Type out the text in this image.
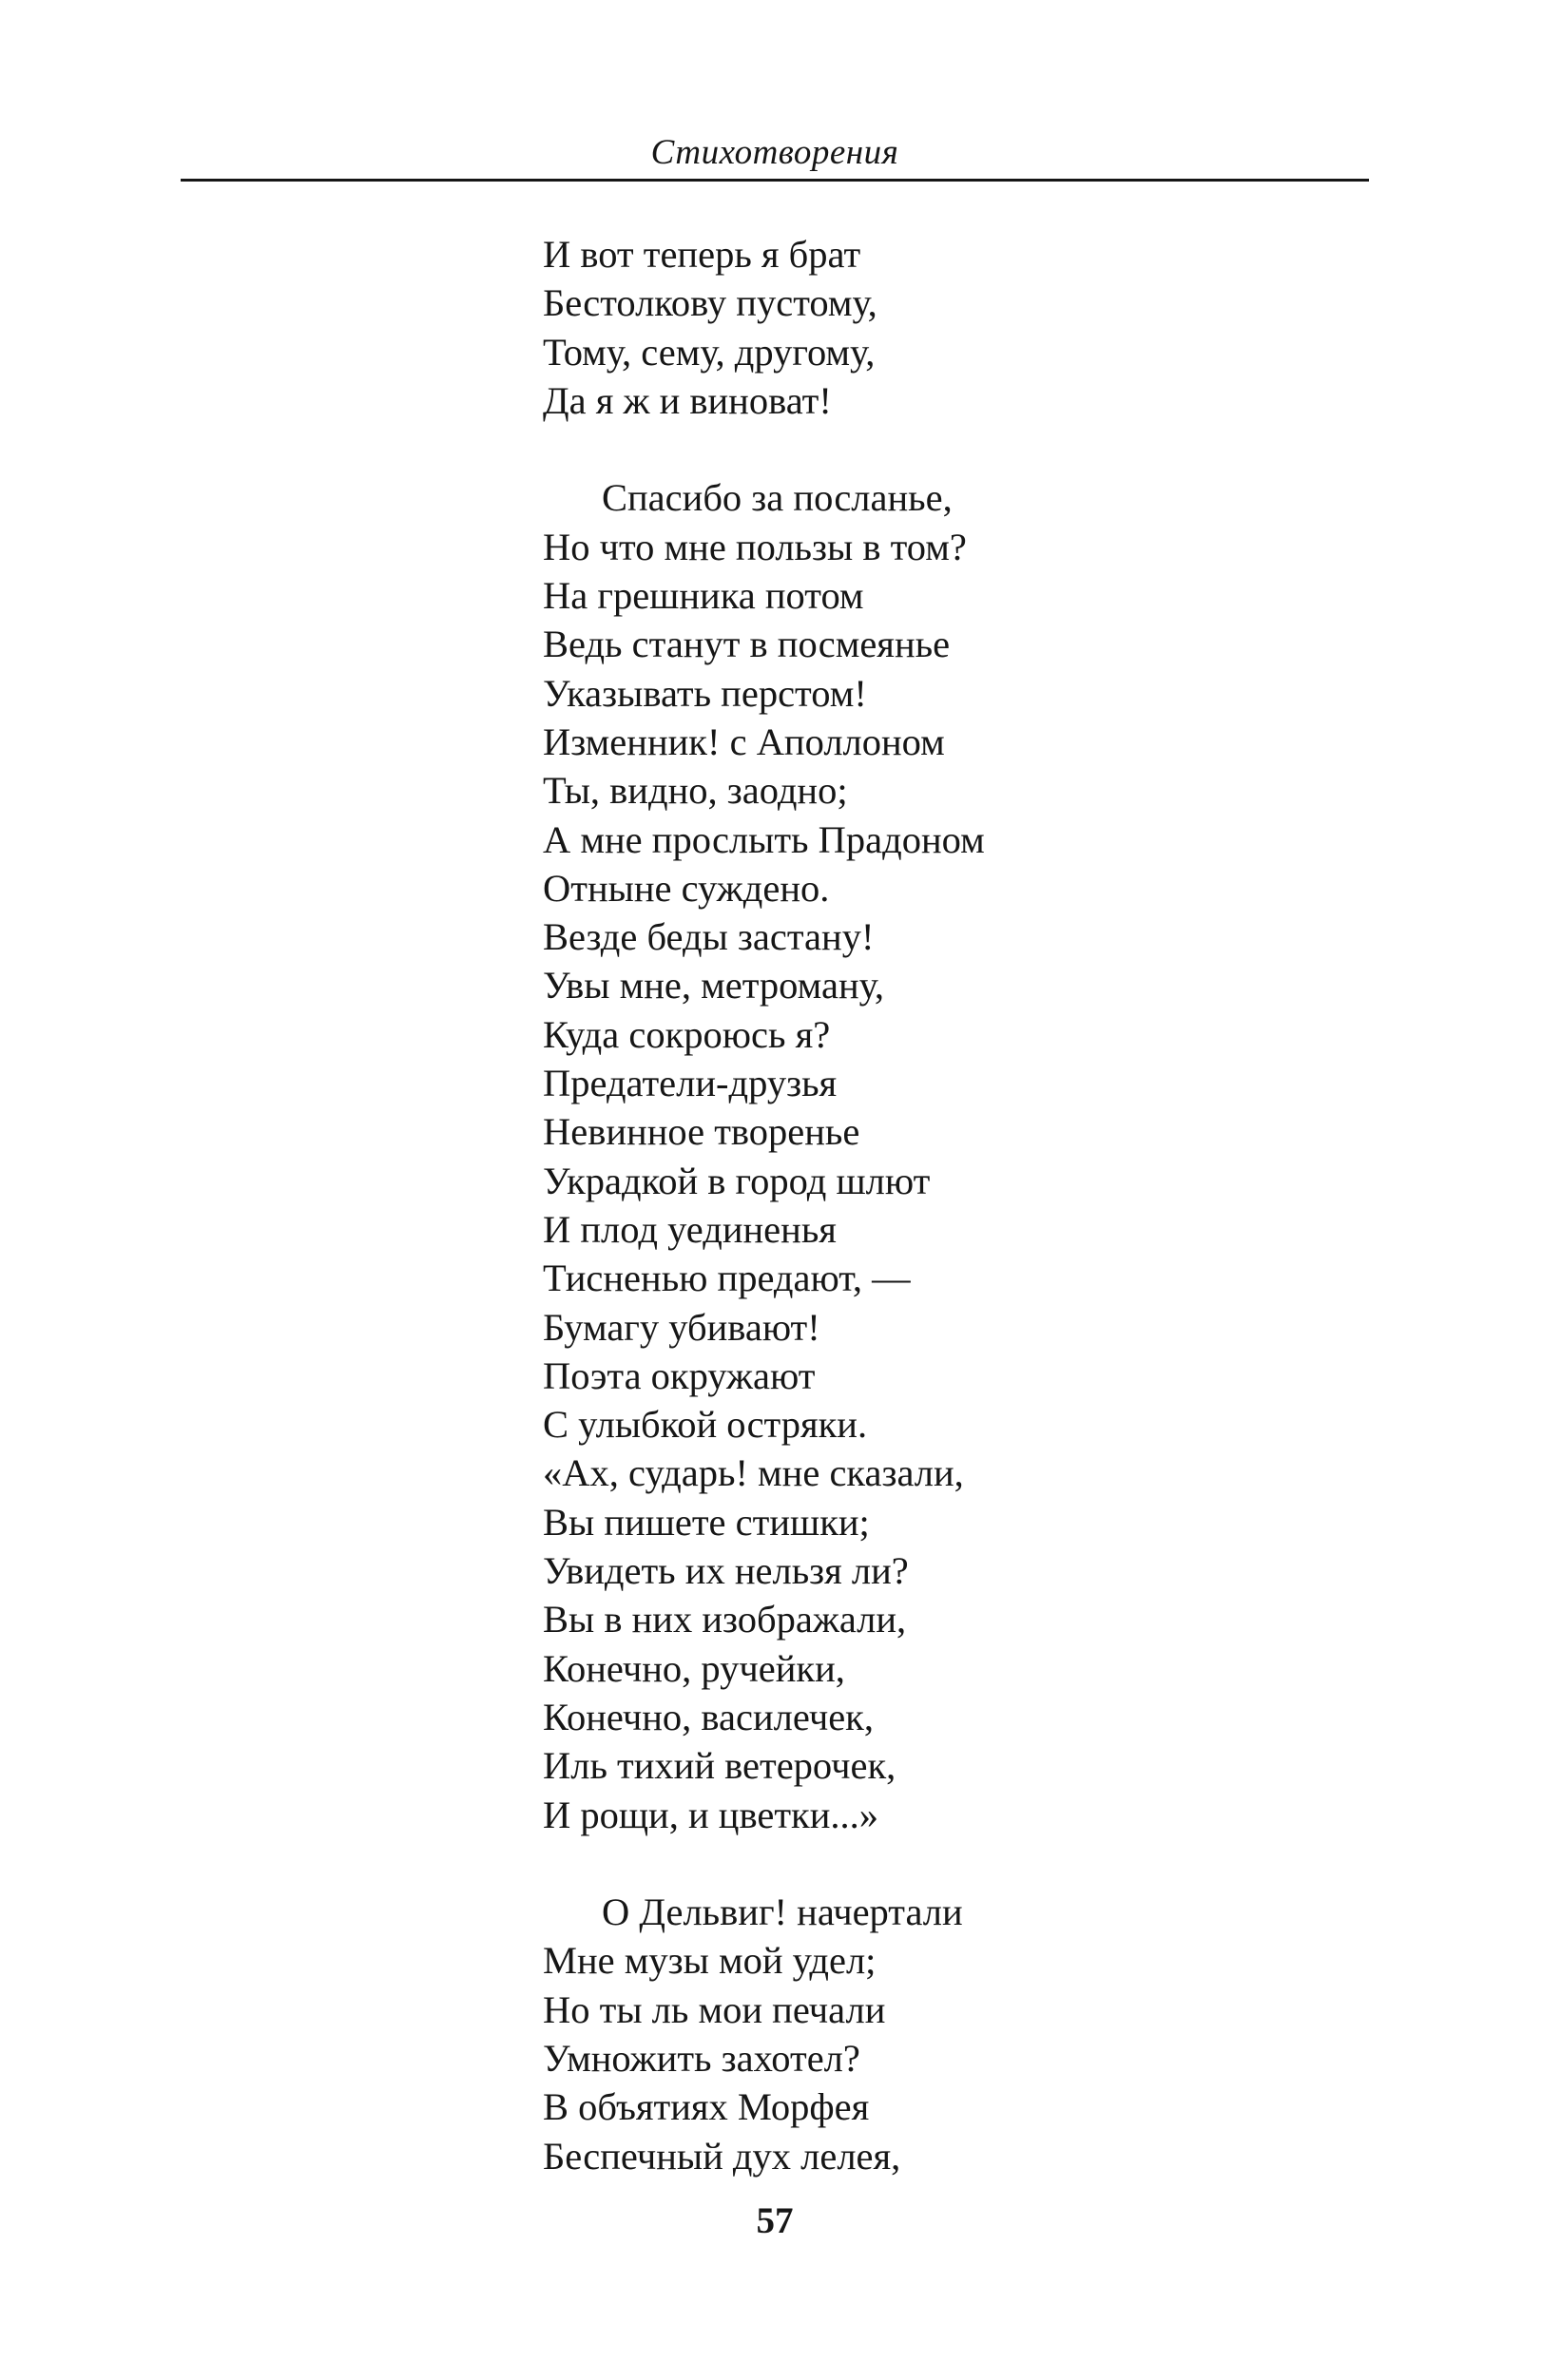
Стихотворения
И вот теперь я брат
Бестолкову пустому,
Тому, сему, другому,
Да я ж и виноват!
Спасибо за посланье,
Но что мне пользы в том?
На грешника потом
Ведь станут в посмеянье
Указывать перстом!
Изменник! с Аполлоном
Ты, видно, заодно;
А мне прослыть Прадоном
Отныне суждено.
Везде беды застану!
Увы мне, метроману,
Куда сокроюсь я?
Предатели-друзья
Невинное творенье
Украдкой в город шлют
И плод уединенья
Тисненью предают, —
Бумагу убивают!
Поэта окружают
С улыбкой остряки.
«Ах, сударь! мне сказали,
Вы пишете стишки;
Увидеть их нельзя ли?
Вы в них изображали,
Конечно, ручейки,
Конечно, василечек,
Иль тихий ветерочек,
И рощи, и цветки...»
О Дельвиг! начертали
Мне музы мой удел;
Но ты ль мои печали
Умножить захотел?
В объятиях Морфея
Беспечный дух лелея,
57
